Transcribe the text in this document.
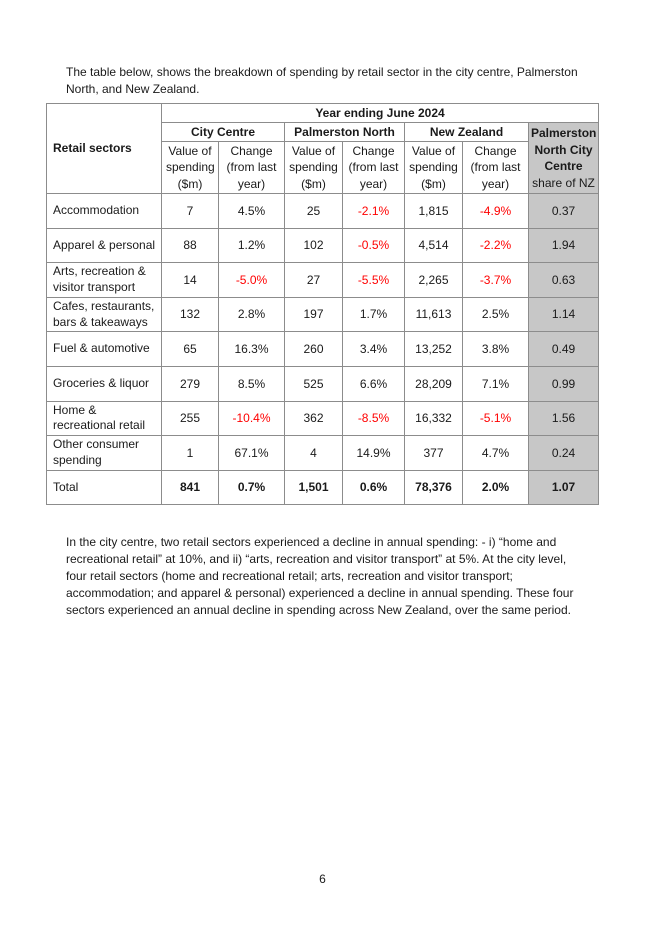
The table below, shows the breakdown of spending by retail sector in the city centre, Palmerston North, and New Zealand.

Retail sectors	Year ending June 2024						
	City Centre		Palmerston North		New Zealand		Palmerston North City Centre
share of NZ

	Value of spending ($m)	Change (from last year)	Value of spending ($m)	Change (from last year)	Value of spending ($m)	Change (from last year)	
Accommodation	7	4.5%	25	-2.1%	1,815	-4.9%	0.37
Apparel & personal	88	1.2%	102	-0.5%	4,514	-2.2%	1.94
Arts, recreation & visitor transport	14	-5.0%	27	-5.5%	2,265	-3.7%	0.63
Cafes, restaurants, bars & takeaways	132	2.8%	197	1.7%	11,613	2.5%	1.14
Fuel & automotive	65	16.3%	260	3.4%	13,252	3.8%	0.49
Groceries & liquor	279	8.5%	525	6.6%	28,209	7.1%	0.99
Home & recreational retail	255	-10.4%	362	-8.5%	16,332	-5.1%	1.56
Other consumer spending	1	67.1%	4	14.9%	377	4.7%	0.24
Total	841	0.7%	1,501	0.6%	78,376	2.0%	1.07

In the city centre, two retail sectors experienced a decline in annual spending: - i) “home and recreational retail” at 10%, and ii) “arts, recreation and visitor transport” at 5%. At the city level, four retail sectors (home and recreational retail; arts, recreation and visitor transport; accommodation; and apparel & personal) experienced a decline in annual spending. These four sectors experienced an annual decline in spending across New Zealand, over the same period.

6
